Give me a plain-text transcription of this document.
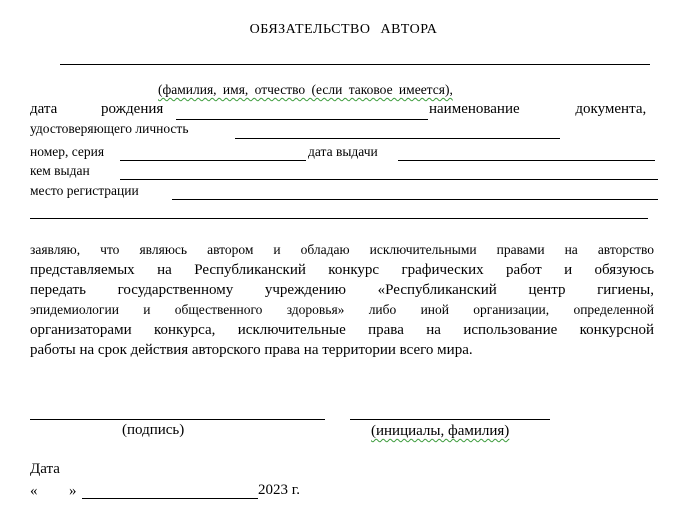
ОБЯЗАТЕЛЬСТВО АВТОРА
(фамилия, имя, отчество (если таковое имеется),
дата рождения	наименование документа,
удостоверяющего личность
номер, серия	дата выдачи
кем выдан
место регистрации
заявляю, что являюсь автором и обладаю исключительными правами на авторство
представляемых на Республиканский конкурс графических работ и обязуюсь
передать государственному учреждению «Республиканский центр гигиены,
эпидемиологии и общественного здоровья» либо иной организации, определенной
организаторами конкурса, исключительные права на использование конкурсной
работы на срок действия авторского права на территории всего мира.
(подпись)	(инициалы, фамилия)
Дата
« »	2023 г.
